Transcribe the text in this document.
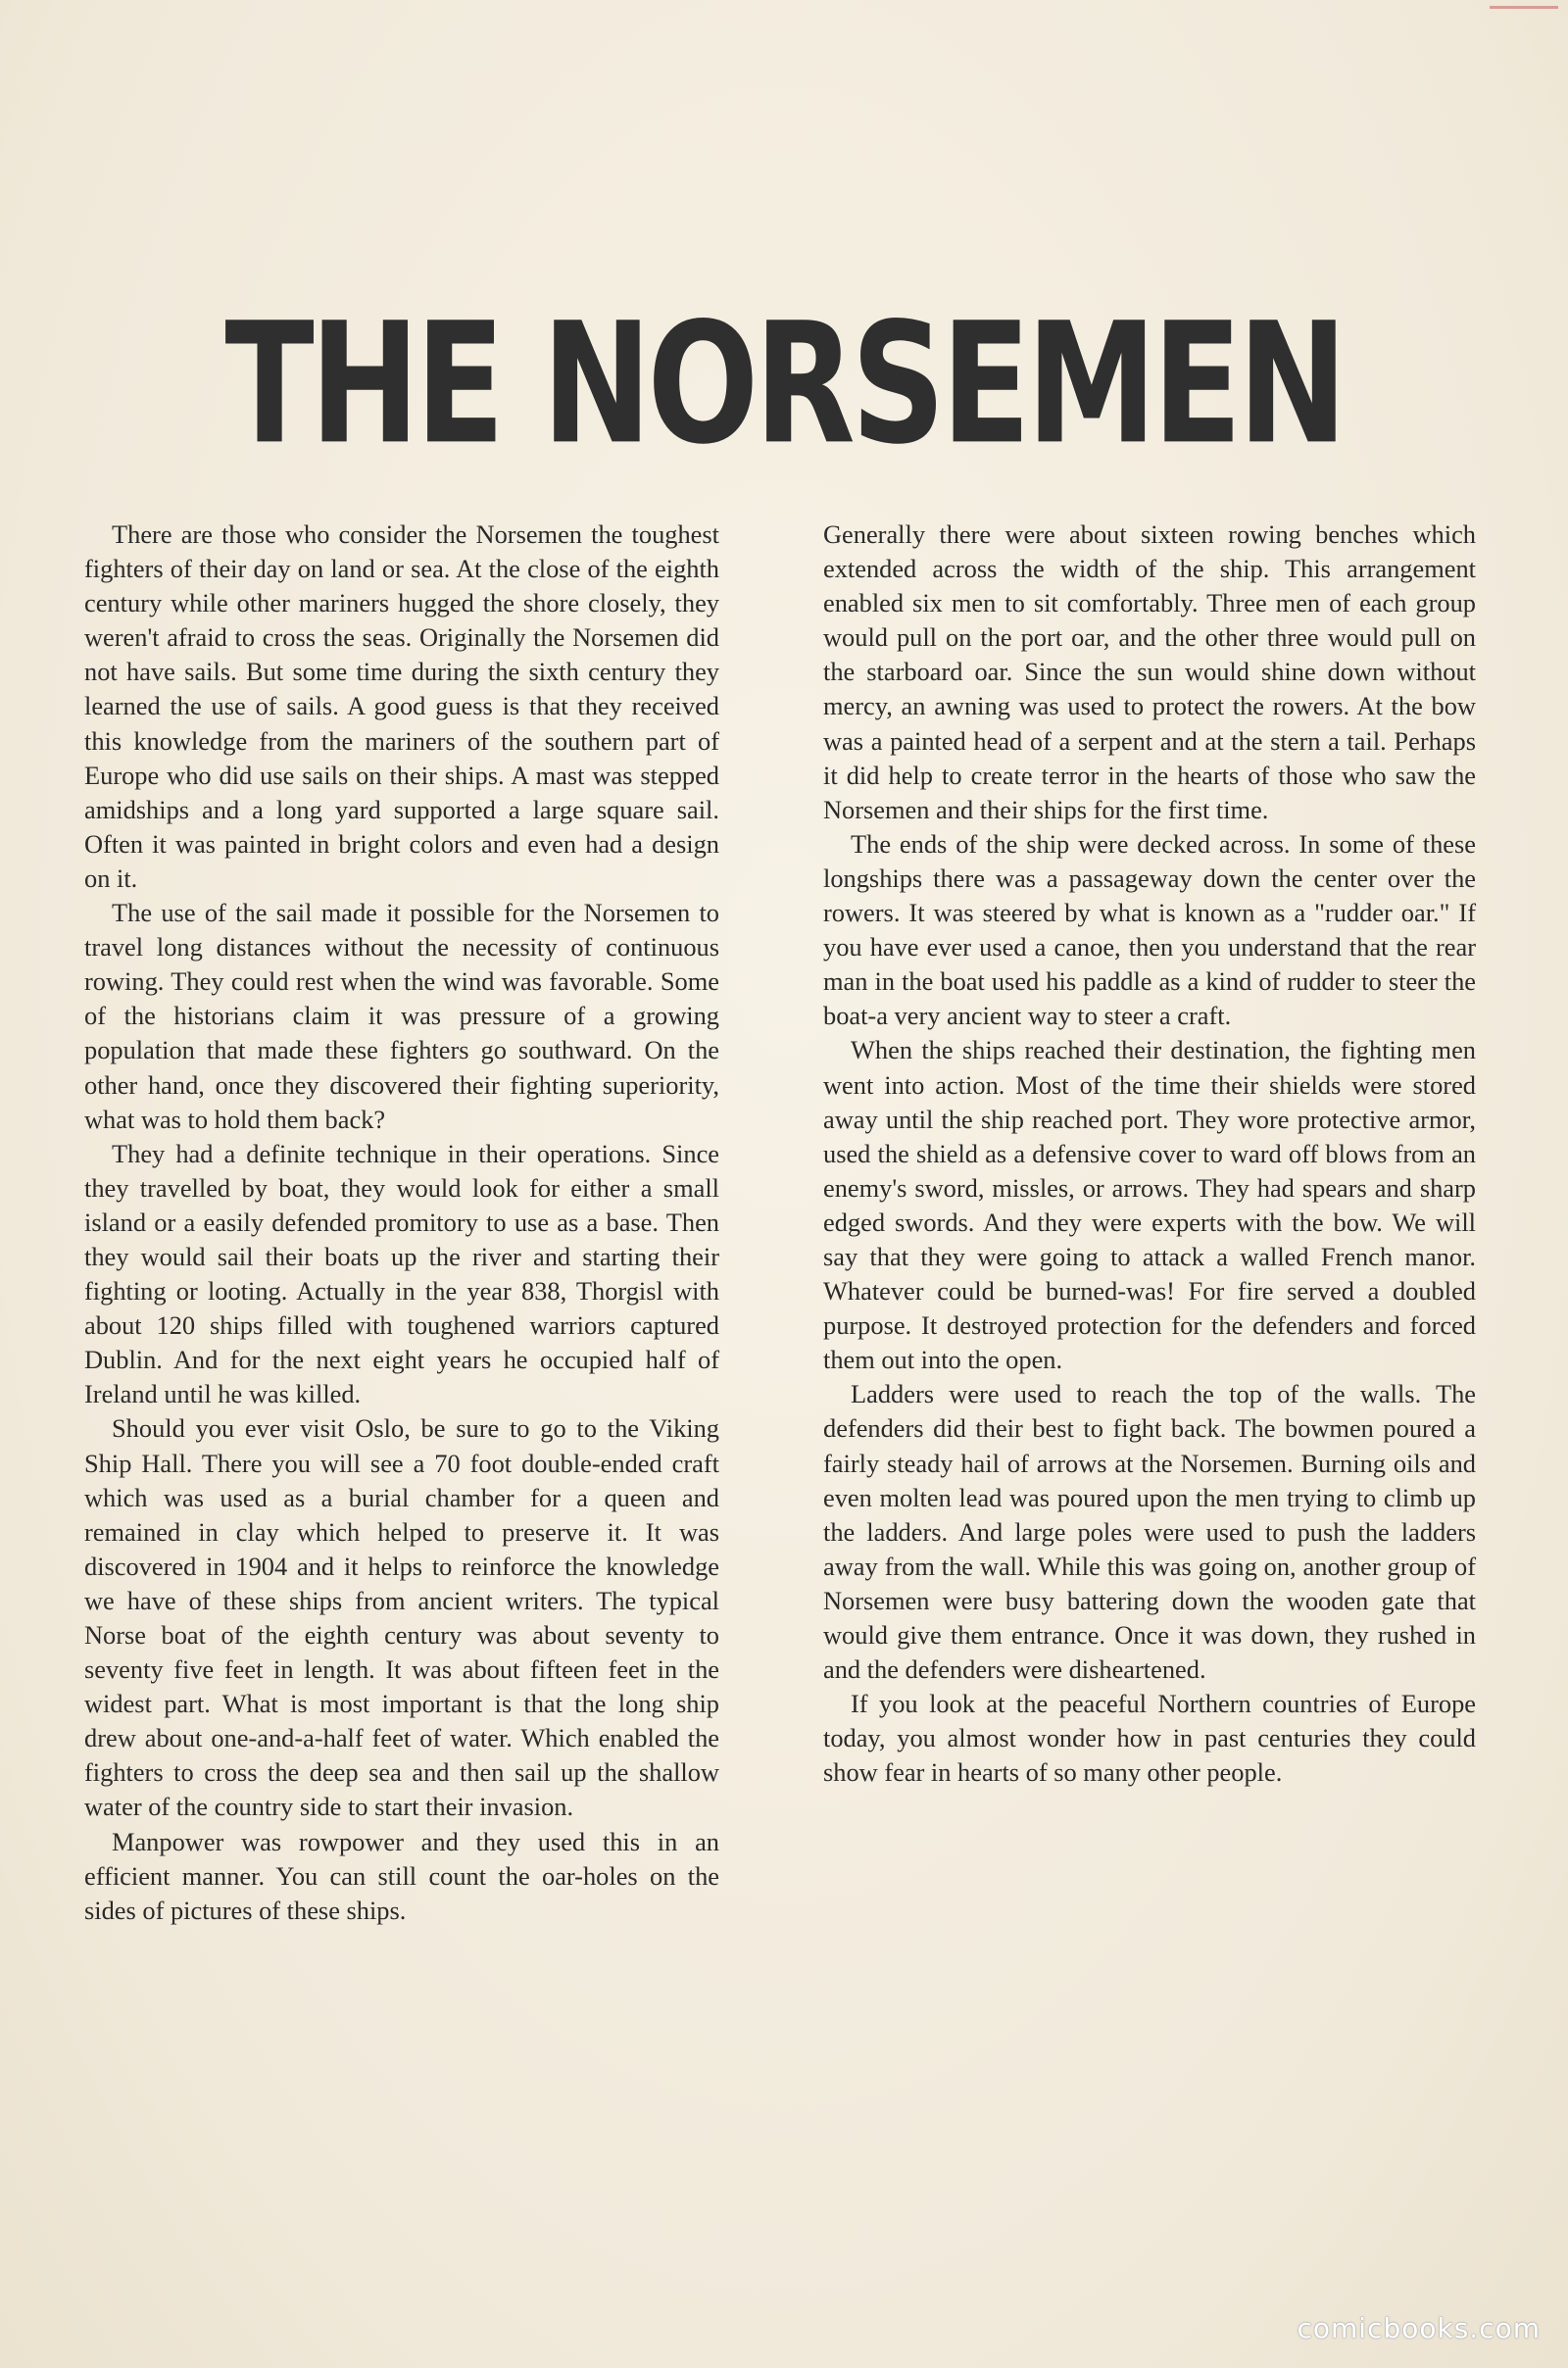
THE NORSEMEN

There are those who consider the Norsemen the toughest fighters of their day on land or sea. At the close of the eighth century while other mariners hugged the shore closely, they weren't afraid to cross the seas. Originally the Norsemen did not have sails. But some time during the sixth century they learned the use of sails. A good guess is that they received this knowledge from the mariners of the southern part of Europe who did use sails on their ships. A mast was stepped amidships and a long yard supported a large square sail. Often it was painted in bright colors and even had a design on it.

The use of the sail made it possible for the Norsemen to travel long distances without the necessity of continuous rowing. They could rest when the wind was favorable. Some of the historians claim it was pressure of a growing population that made these fighters go southward. On the other hand, once they discovered their fighting superiority, what was to hold them back?

They had a definite technique in their operations. Since they travelled by boat, they would look for either a small island or a easily defended promitory to use as a base. Then they would sail their boats up the river and starting their fighting or looting. Actually in the year 838, Thorgisl with about 120 ships filled with toughened warriors captured Dublin. And for the next eight years he occupied half of Ireland until he was killed.

Should you ever visit Oslo, be sure to go to the Viking Ship Hall. There you will see a 70 foot double-ended craft which was used as a burial chamber for a queen and remained in clay which helped to preserve it. It was discovered in 1904 and it helps to reinforce the knowledge we have of these ships from ancient writers. The typical Norse boat of the eighth century was about seventy to seventy five feet in length. It was about fifteen feet in the widest part. What is most important is that the long ship drew about one-and-a-half feet of water. Which enabled the fighters to cross the deep sea and then sail up the shallow water of the country side to start their invasion.

Manpower was rowpower and they used this in an efficient manner. You can still count the oar-holes on the sides of pictures of these ships.

Generally there were about sixteen rowing benches which extended across the width of the ship. This arrangement enabled six men to sit comfortably. Three men of each group would pull on the port oar, and the other three would pull on the starboard oar. Since the sun would shine down without mercy, an awning was used to protect the rowers. At the bow was a painted head of a serpent and at the stern a tail. Perhaps it did help to create terror in the hearts of those who saw the Norsemen and their ships for the first time.

The ends of the ship were decked across. In some of these longships there was a passageway down the center over the rowers. It was steered by what is known as a "rudder oar." If you have ever used a canoe, then you understand that the rear man in the boat used his paddle as a kind of rudder to steer the boat-a very ancient way to steer a craft.

When the ships reached their destination, the fighting men went into action. Most of the time their shields were stored away until the ship reached port. They wore protective armor, used the shield as a defensive cover to ward off blows from an enemy's sword, missles, or arrows. They had spears and sharp edged swords. And they were experts with the bow. We will say that they were going to attack a walled French manor. Whatever could be burned-was! For fire served a doubled purpose. It destroyed protection for the defenders and forced them out into the open.

Ladders were used to reach the top of the walls. The defenders did their best to fight back. The bowmen poured a fairly steady hail of arrows at the Norsemen. Burning oils and even molten lead was poured upon the men trying to climb up the ladders. And large poles were used to push the ladders away from the wall. While this was going on, another group of Norsemen were busy battering down the wooden gate that would give them entrance. Once it was down, they rushed in and the defenders were disheartened.

If you look at the peaceful Northern countries of Europe today, you almost wonder how in past centuries they could show fear in hearts of so many other people.

comicbooks.com
